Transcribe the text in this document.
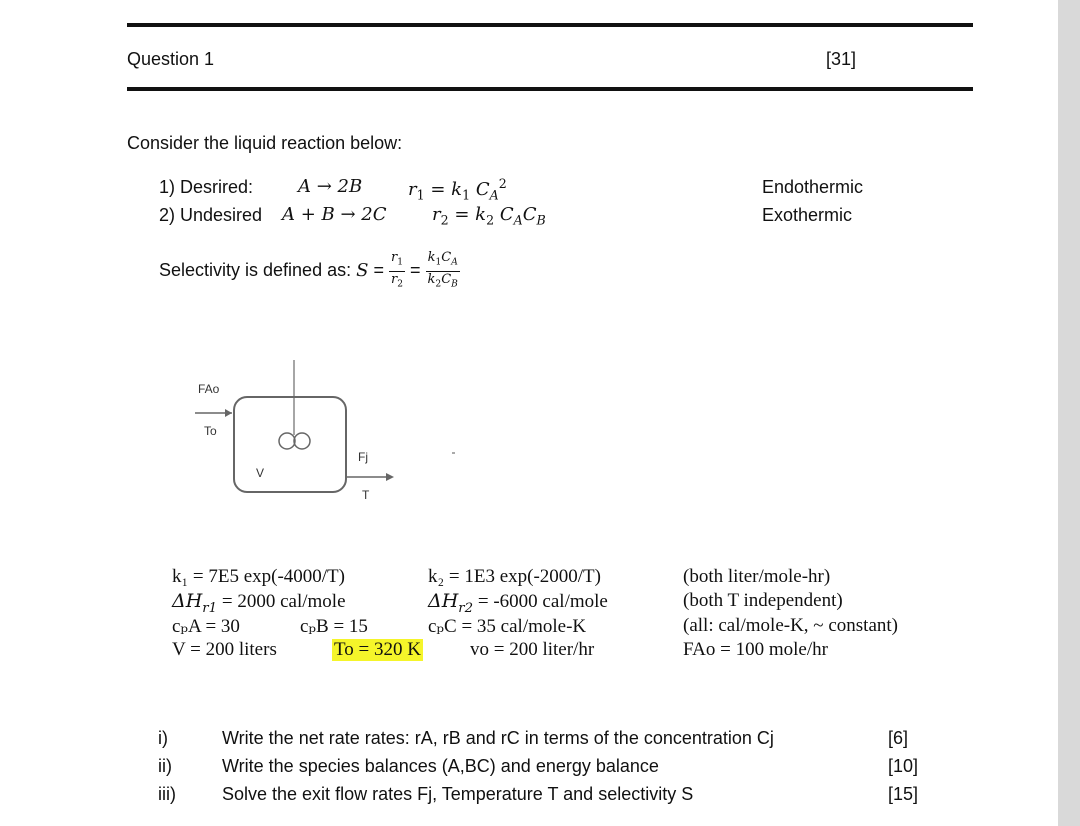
Question 1	[31]
Consider the liquid reaction below:
1) Desrired: A → 2B	$r_1 = k_1$ $C_A^2$	Endothermic
2) Undesired A + B → 2C	$r_2 = k_2$ $C_AC_B$	Exothermic
Selectivity is defined as: $S = \frac{r_1}{r_2} = \frac{k_1C_A}{k_2C_B}$
FAo
To
V
Fj
T
k₁ = 7E5 exp(-4000/T)	k₂ = 1E3 exp(-2000/T)	(both liter/mole-hr)
$\Delta H_{r1} = 2000$ cal/mole	$\Delta H_{r2} = -6000$ cal/mole	(both T independent)
cₚA = 30	cₚB = 15	cₚC = 35 cal/mole-K	(all: cal/mole-K, ~ constant)
V = 200 liters	To = 320 K	vo = 200 liter/hr	FAo = 100 mole/hr
i)	Write the net rate rates: rA, rB and rC in terms of the concentration Cj	[6]
ii)	Write the species balances (A,BC) and energy balance	[10]
iii)	Solve the exit flow rates Fj, Temperature T and selectivity S	[15]
